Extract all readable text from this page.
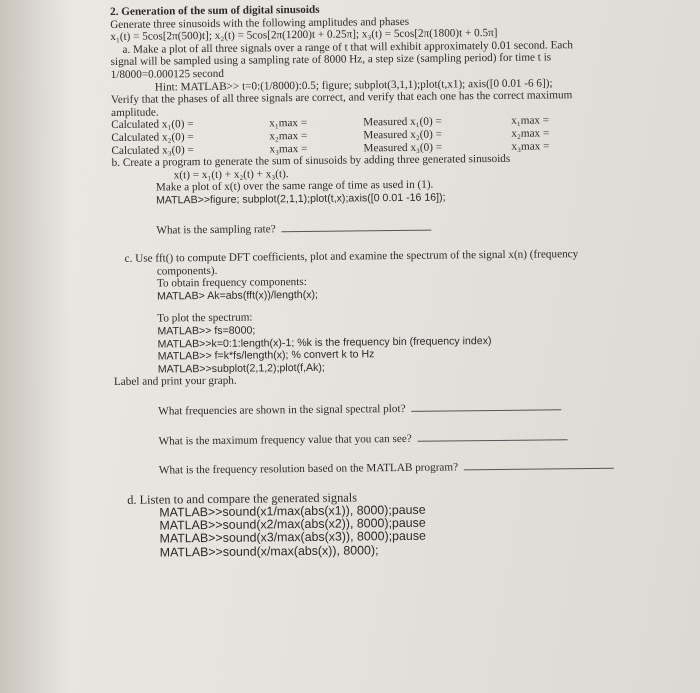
2. Generation of the sum of digital sinusoids
Generate three sinusoids with the following amplitudes and phases
x₁(t) = 5cos[2π(500)t]; x₂(t) = 5cos[2π(1200)t + 0.25π]; x₃(t) = 5cos[2π(1800)t + 0.5π]
a. Make a plot of all three signals over a range of t that will exhibit approximately 0.01 second. Each
signal will be sampled using a sampling rate of 8000 Hz, a step size (sampling period) for time t is
1/8000=0.000125 second
Hint: MATLAB>> t=0:(1/8000):0.5; figure; subplot(3,1,1);plot(t,x1); axis([0 0.01 -6 6]);
Verify that the phases of all three signals are correct, and verify that each one has the correct maximum
amplitude.
Calculated x₁(0) =	x₁max =	Measured x₁(0) =	x₁max =
Calculated x₂(0) =	x₂max =	Measured x₂(0) =	x₂max =
Calculated x₃(0) =	x₃max =	Measured x₃(0) =	x₃max =
b. Create a program to generate the sum of sinusoids by adding three generated sinusoids
x(t) = x₁(t) + x₂(t) + x₃(t).
Make a plot of x(t) over the same range of time as used in (1).
MATLAB>>figure; subplot(2,1,1);plot(t,x);axis([0 0.01 -16 16]);
What is the sampling rate?
c. Use fft() to compute DFT coefficients, plot and examine the spectrum of the signal x(n) (frequency
components).
To obtain frequency components:
MATLAB> Ak=abs(fft(x))/length(x);
To plot the spectrum:
MATLAB>> fs=8000;
MATLAB>>k=0:1:length(x)-1; %k is the frequency bin (frequency index)
MATLAB>> f=k*fs/length(x); % convert k to Hz
MATLAB>>subplot(2,1,2);plot(f,Ak);
Label and print your graph.
What frequencies are shown in the signal spectral plot?
What is the maximum frequency value that you can see?
What is the frequency resolution based on the MATLAB program?
d. Listen to and compare the generated signals
MATLAB>>sound(x1/max(abs(x1)), 8000);pause
MATLAB>>sound(x2/max(abs(x2)), 8000);pause
MATLAB>>sound(x3/max(abs(x3)), 8000);pause
MATLAB>>sound(x/max(abs(x)), 8000);
